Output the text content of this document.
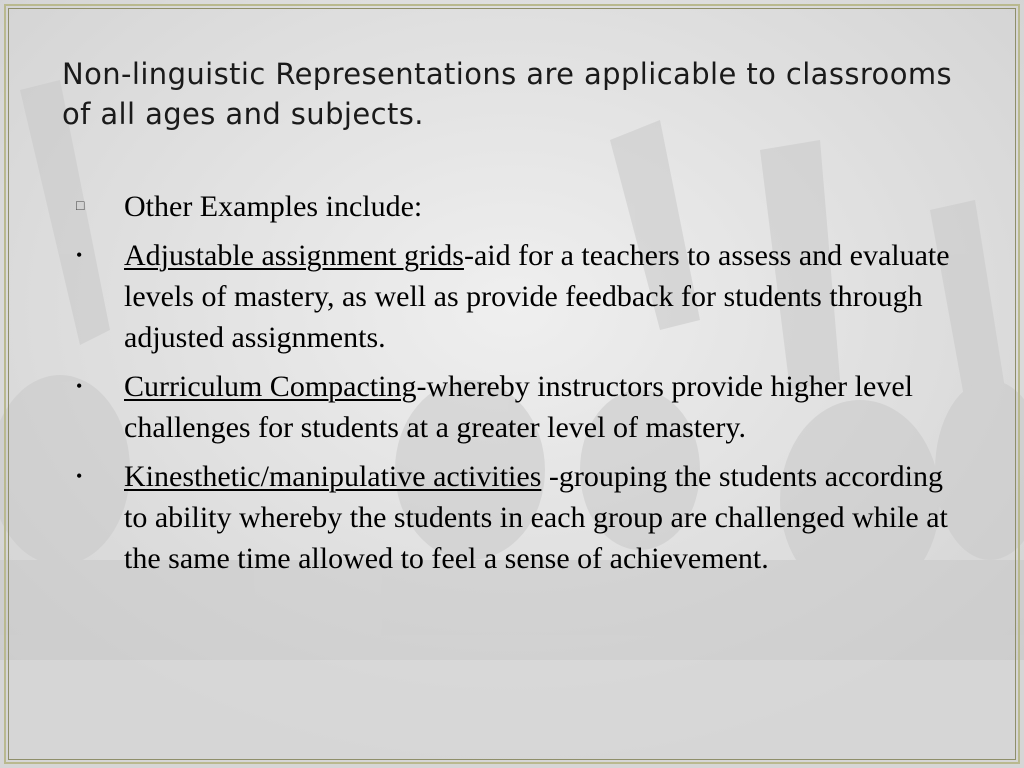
Non-linguistic Representations are applicable to classrooms of all ages and subjects.
□	Other Examples include:
•	Adjustable assignment grids-aid for a teachers to assess and evaluate levels of mastery, as well as provide feedback for students through adjusted assignments.
•	Curriculum Compacting-whereby instructors provide higher level challenges for students at a greater level of mastery.
•	Kinesthetic/manipulative activities -grouping the students according to ability whereby the students in each group are challenged while at the same time allowed to feel a sense of achievement.
